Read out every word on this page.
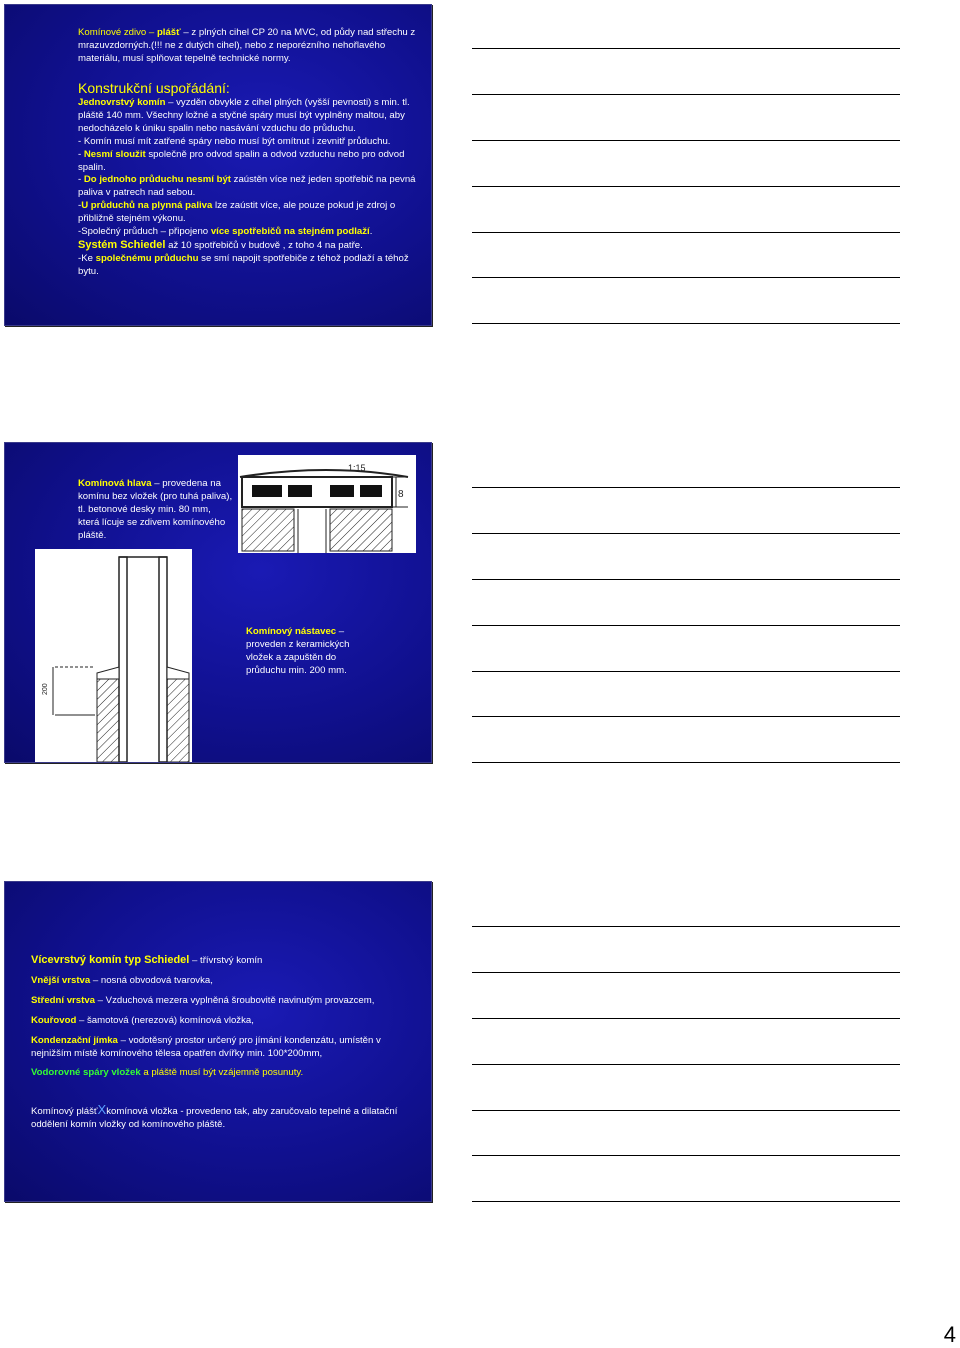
Komínové zdivo – plášť – z plných cihel CP 20 na MVC, od půdy nad střechu z mrazuvzdorných.(!!! ne z dutých cihel), nebo z neporézního nehořlavého materiálu, musí splňovat tepelně technické normy.
Konstrukční uspořádání:
Jednovrstvý komín – vyzděn obvykle z cihel plných (vyšší pevnosti) s min. tl. pláště 140 mm. Všechny ložné a styčné spáry musí být vyplněny maltou, aby nedocházelo k úniku spalin nebo nasávání vzduchu do průduchu.
- Komín musí mít zatřené spáry nebo musí být omítnut i zevnitř průduchu.
- Nesmí sloužit společně pro odvod spalin a odvod vzduchu nebo pro odvod spalin.
- Do jednoho průduchu nesmí být zaústěn více než jeden spotřebič na pevná paliva v patrech nad sebou.
-U průduchů na plynná paliva lze zaústit více, ale pouze pokud je zdroj o přibližně stejném výkonu.
-Společný průduch – připojeno více spotřebičů na stejném podlaží.
Systém Schiedel až 10 spotřebičů v budově , z toho 4 na patře.
-Ke společnému průduchu se smí napojit spotřebiče z téhož podlaží a téhož bytu.
Komínová hlava – provedena na komínu bez vložek (pro tuhá paliva), tl. betonové desky min. 80 mm, která lícuje se zdivem komínového pláště.
8
1:15
200
Komínový nástavec – proveden z keramických vložek a zapuštěn do průduchu min. 200 mm.
Vícevrstvý komín typ Schiedel – třívrstvý komín
Vnější vrstva – nosná obvodová tvarovka,
Střední vrstva – Vzduchová mezera vyplněná šroubovitě navinutým provazcem,
Kouřovod – šamotová (nerezová) komínová vložka,
Kondenzační jímka – vodotěsný prostor určený pro jímání kondenzátu, umístěn v nejnižším místě komínového tělesa opatřen dvířky min. 100*200mm,
Vodorovné spáry vložek a pláště musí být vzájemně posunuty.
Komínový plášťXkomínová vložka - provedeno tak, aby zaručovalo tepelné a dilatační oddělení komín vložky od komínového pláště.
4
